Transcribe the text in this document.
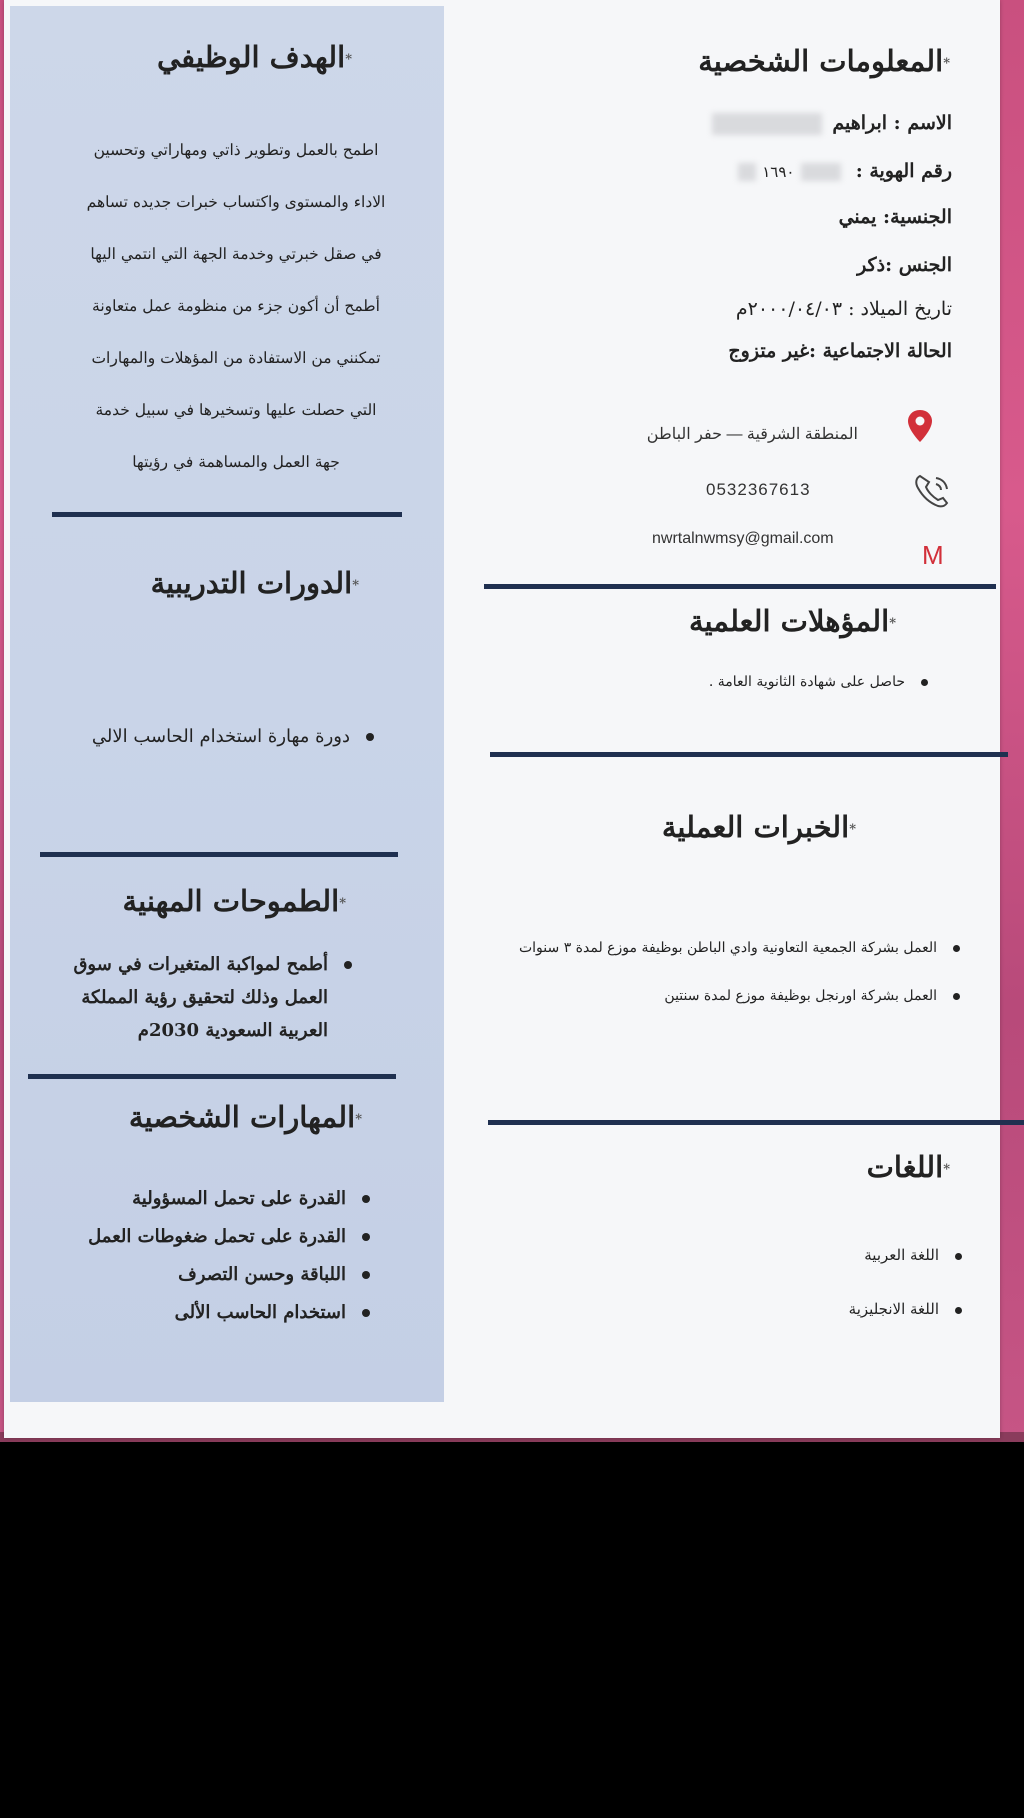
*الهدف الوظيفي
اطمح بالعمل وتطوير ذاتي ومهاراتي وتحسين
الاداء والمستوى واكتساب خبرات جديده تساهم
في صقل خبرتي وخدمة الجهة التي انتمي اليها
أطمح أن أكون جزء من منظومة عمل متعاونة
تمكنني من الاستفادة من المؤهلات والمهارات
التي حصلت عليها وتسخيرها في سبيل خدمة
جهة العمل والمساهمة في رؤيتها
*الدورات التدريبية
دورة مهارة استخدام الحاسب الالي
*الطموحات المهنية
أطمح لمواكبة المتغيرات في سوق
العمل وذلك لتحقيق رؤية المملكة
العربية السعودية 2030م
*المهارات الشخصية
القدرة على تحمل المسؤولية
القدرة على تحمل ضغوطات العمل
اللباقة وحسن التصرف
استخدام الحاسب الألى
*المعلومات الشخصية
الاسم : ابراهيم
رقم الهوية :  ١٦٩٠
الجنسية: يمني
الجنس :ذكر
تاريخ الميلاد : ٢٠٠٠/٠٤/٠٣م
الحالة الاجتماعية :غير متزوج
المنطقة الشرقية — حفر الباطن
0532367613
nwrtalnwmsy@gmail.com
M
*المؤهلات العلمية
حاصل على شهادة الثانوية العامة .
*الخبرات العملية
العمل بشركة الجمعية التعاونية وادي الباطن بوظيفة موزع لمدة ٣ سنوات
العمل بشركة اورنجل بوظيفة موزع لمدة سنتين
*اللغات
اللغة العربية
اللغة الانجليزية
